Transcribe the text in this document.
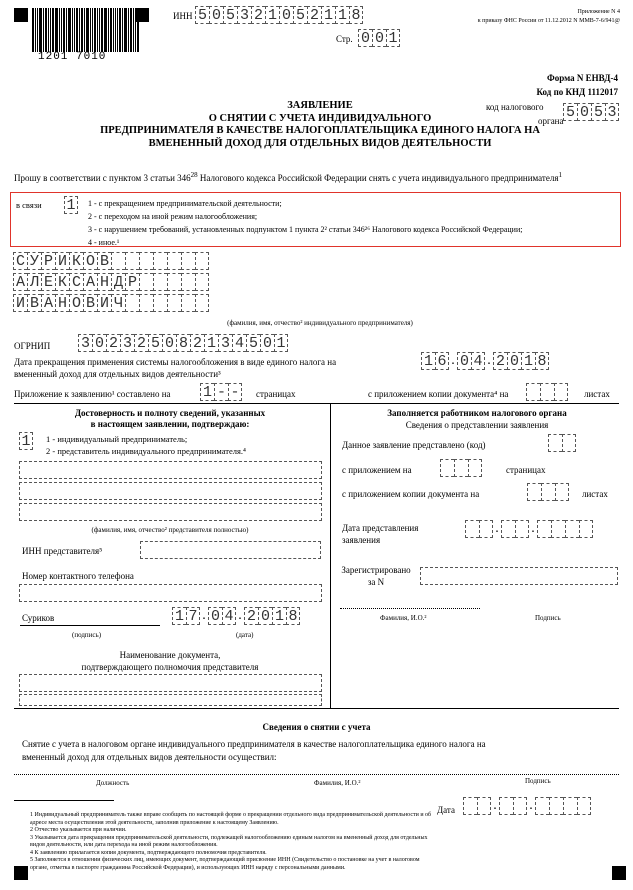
1201 7010
ИНН 5 0 5 3 2 1 0 5 2 1 1 8
Стр. 0 0 1
Приложение N 4
к приказу ФНС России от 11.12.2012 N ММВ-7-6/941@
Форма N ЕНВД-4
Код по КНД 1112017
код налогового
органа 5 0 5 3
ЗАЯВЛЕНИЕ
О СНЯТИИ С УЧЕТА ИНДИВИДУАЛЬНОГО
ПРЕДПРИНИМАТЕЛЯ В КАЧЕСТВЕ НАЛОГОПЛАТЕЛЬЩИКА ЕДИНОГО НАЛОГА НА
ВМЕНЕННЫЙ ДОХОД ДЛЯ ОТДЕЛЬНЫХ ВИДОВ ДЕЯТЕЛЬНОСТИ
Прошу в соответствии с пунктом 3 статьи $346^{28}$ Налогового кодекса Российской Федерации снять с учета индивидуального предпринимателя$^1$
в связи 1	1 - с прекращением предпринимательской деятельности;
2 - с переходом на иной режим налогообложения;
3 - с нарушением требований, установленных подпунктом 1 пункта 2² статьи 346²⁶ Налогового кодекса Российской Федерации;
4 - иное.¹
С У Р И К О В
А Л Е К С А Н Д Р
И В А Н О В И Ч
(фамилия, имя, отчество² индивидуального предпринимателя)
ОГРНИП 3 0 2 3 2 5 0 8 2 1 3 4 5 0 1
Дата прекращения применения системы налогообложения в виде единого налога на
вмененный доход для отдельных видов деятельности³
1 6 . 0 4 . 2 0 1 8
Приложение к заявлению¹ составлено на 1 - - страницах	с приложением копии документа⁴ на	листах
Достоверность и полноту сведений, указанных
в настоящем заявлении, подтверждаю:
1 1 - индивидуальный предприниматель;
2 - представитель индивидуального предпринимателя.⁴
(фамилия, имя, отчество² представителя полностью)
ИНН представителя⁵
Номер контактного телефона
Суриков	1 7 . 0 4 . 2 0 1 8
(подпись)	(дата)
Наименование документа,
подтверждающего полномочия представителя
Заполняется работником налогового органа
Сведения о представлении заявления
Данное заявление представлено (код)
с приложением на	страницах
с приложением копии документа на	листах
Дата представления
заявления
. .
Зарегистрировано
за N
Фамилия, И.О.²	Подпись
Сведения о снятии с учета
Снятие с учета в налоговом органе индивидуального предпринимателя в качестве налогоплательщика единого налога на
вмененный доход для отдельных видов деятельности осуществил:
Должность	Фамилия, И.О.²	Подпись
Дата	. .
1 Индивидуальный предприниматель также вправе сообщить по настоящей форме о прекращении отдельного вида предпринимательской деятельности и об адресе места осуществления этой деятельности, заполнив приложение к настоящему Заявлению.
2 Отчество указывается при наличии.
3 Указывается дата прекращения предпринимательской деятельности, подлежащей налогообложению единым налогом на вмененный доход для отдельных видов деятельности, или дата перехода на иной режим налогообложения.
4 К заявлению прилагается копия документа, подтверждающего полномочия представителя.
5 Заполняется в отношении физических лиц, имеющих документ, подтверждающий присвоение ИНН (Свидетельство о постановке на учет в налоговом органе, отметка в паспорте гражданина Российской Федерации), и использующих ИНН наряду с персональными данными.
